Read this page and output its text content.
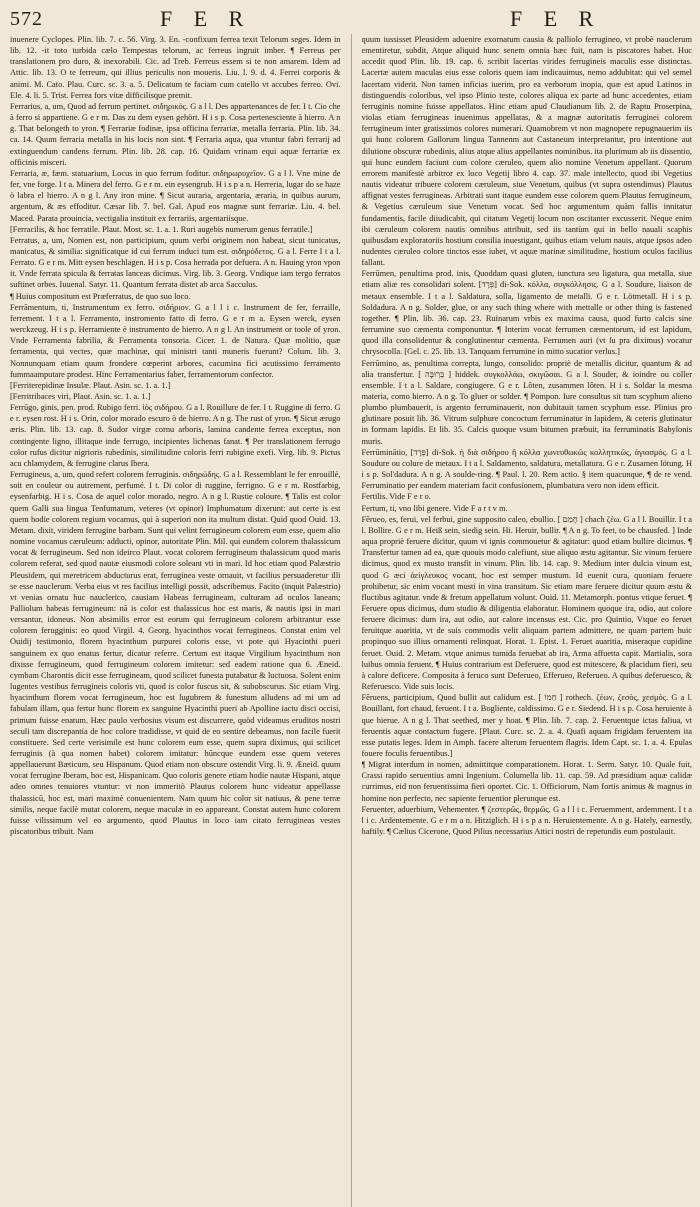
572	F E R	F E R

inuenere Cyclopes. Plin. lib. 7. c. 56. Virg. 3. En. -confixum ferrea texit Telorum seges. Idem in lib. 12. -it toto turbida cælo Tempestas telorum, ac ferreus ingruit imber. ¶ Ferreus per translationem pro duro, & inexorabili. Cic. ad Treb. Ferreus essem si te non amarem. Idem ad Attic. lib. 13. O te ferreum, qui illius periculis non moueris. Liu. l. 9. d. 4. Ferrei corporis & animi. M. Cato. Plau. Curc. sc. 3. a. 5. Delicatum te faciam cum catello vt accubes ferreo. Ovi. Ele. 4. li. 5. Trist. Ferrea fors vitæ difficilisque premit.

Ferrarius, a, um, Quod ad ferrum pertinet. σιδηρικός. G a l l. Des appartenances de fer. I t. Cio che à ferro si appartiene. G e r m. Das zu dem eysen gehört. H i s p. Cosa pertenesciente à hierro. A n g. That belongeth to yron. ¶ Ferrariæ fodinæ, ipsa officina ferrariæ, metalla ferraria. Plin. lib. 34. ca. 14. Quum ferraria metalla in his locis non sint. ¶ Ferraria aqua, qua vtuntur fabri ferrarij ad extinguendum candens ferrum. Plin. lib. 28. cap. 16. Quidam vrinam equi aquæ ferrariæ ex officinis misceri.

Ferraria, æ, fæm. statuarium, Locus in quo ferrum foditur. σιδηρωρυχεῖον. G a l l. Vne mine de fer, vne forge. I t a. Minera del ferro. G e r m. ein eysengrub. H i s p a n. Herreria, lugar do se haze ò labra el hierro. A n g l. Any iron mine. ¶ Sicut auraria, argentaria, æraria, in quibus aurum, argentum, & æs effoditur. Cæsar lib. 7. bel. Gal. Apud eos magnæ sunt ferrariæ. Liu. 4. bel. Maced. Parata prouincia, vectigalia instituit ex ferrariis, argentariisque.

[Ferracilis, & hoc ferratile. Plaut. Most. sc. 1. a. 1. Ruri augebis numerum genus ferratile.]

Ferratus, a, um, Nomen est, non participium, quum verbi originem non habeat, sicut tunicatus, manicatus, & similia: significatque id cui ferrum induci tum est. σιδηρόδετος. G a l. Ferre I t a l. Ferrato. G e r m. Mitt eysen beschlagen. H i s p. Cosa herrada por defuera. A n. Hauing yron vpon it. Vnde ferrata spicula & ferratas lanceas dicimus. Virg. lib. 3. Georg. Vndique iam tergo ferratos suftinet orbes. Iuuenal. Satyr. 11. Quantum ferrata distet ab arca Sacculus.

¶ Huius compositum est Præferratus, de quo suo loco.

Ferrāmentum, ti, Instrumentum ex ferro. σιδήριον. G a l l i c. Instrument de fer, ferraille, ferrement. I t a l. Ferramento, instromento fatto di ferro. G e r m a. Eysen werck, eysen werckzeug. H i s p. Herramiente è instrumento de hierro. A n g l. An instrument or toole of yron. Vnde Ferramenta fabrilia, & Ferramenta tonsoria. Cicer. 1. de Natura. Quæ molitio, quæ ferramenta, qui vectes, quæ machinæ, qui ministri tanti muneris fuerunt? Colum. lib. 3. Nonnunquam etiam quum frondere cœperint arbores, cacumina fici acutissimo ferramento fummaamputare prodest. Hinc Ferramentarius faber, ferramentorum confector.

[Ferriterepidinæ Insulæ. Plaut. Asin. sc. 1. a. 1.]

[Ferritribaces viri, Plaut. Asin. sc. 1. a. 1.]

Ferrūgo, ginis, pen. prod. Rubigo ferri. ἰὸς σιδήρου. G a l. Rouillure de fer. I t. Ruggine di ferro. G e r. eysen rost. H i s. Orin, color morado escuro ò de hierro. A n g. The rust of yron. ¶ Sicut ærugo æris. Plin. lib. 13. cap. 8. Sudor virgæ cornu arboris, lamina candente ferrea exceptus, non contingente ligno, illitaque inde ferrugo, incipientes lichenas fanat. ¶ Per translationem ferrugo color rufus dicitur nigrioris rubedinis, similitudine coloris ferri rubigine exefi. Virg. lib. 9. Pictus acu chlamydem, & ferrugine clarus Ibera.

Ferrugineus, a, um, quod refert colorem ferruginis. σιδηρώδης. G a l. Ressemblant le fer enrouillé, soit en couleur ou autrement, perfumé. I t. Di color di ruggine, ferrigno. G e r m. Rostfarbig, eysenfarbig. H i s. Cosa de aquel color morado, negro. A n g l. Rustie coloure. ¶ Talis est color quem Galli sua lingua Tenfumatum, veteres (vt opinor) Imphumatum dixerunt: aut certe is est quem hodie colorem regium vocamus, qui à superiori non ita multum distat. Quid quod Ouid. 13. Metam. dixit, viridem ferrugine barbam. Sunt qui velint ferrugineum colorem eum esse, quem alio nomine vocamus cæruleum: adducti, opinor, autoritate Plin. Mil. qui eundem colorem thalassicum vocat & ferrugineum. Sed non ideirco Plaut. vocat colorem ferrugineum thalassicum quod maris colorem referat, sed quod nautæ eiusmodi colore soleant vti in mari. Id hoc etiam quod Palæstrio Pleusidem, qui meretricem abducturus erat, ferruginea veste ornauit, vt facilius persuaderetur illi se esse nauclerum. Verba eius vt res facilius intelligi possit, adscribemus. Facito (inquit Palæstrio) vt venias ornatu huc nauclerico, causiam Habeas ferrugineam, culturam ad oculos laneam; Palliolum habeas ferrugineum: nā is color est thalassicus hoc est maris, & nautis ipsi in mari versantur, idoneus. Non absimilis error est eorum qui ferrugineum colorem arbitrantur esse colorem ferugginis: eo quod Virgil. 4. Georg. hyacinthos vocat ferrugineos. Constat enim vel Ouidij testimonio, florem hyacinthum purpurei coloris esse, vt pote qui Hyacinthi pueri sanguinem ex quo enatus fertur, dicatur referre. Certum est itaque Virgilium hyacinthum non dixisse ferrugineum, quod ferrugineum colorem imitetur: sed eadem ratione qua 6. Æneid. cymbam Charontis dicit esse ferrugineam, quod scilicet funesta putabatur & luctuosa. Solent enim lugentes vestibus ferrugineis colorìs vti, quod is color fuscus sit, & subobscurus. Sic etiam Virg. hyacinthum florem vocat ferrugineum, hoc est lugubrem & funestum alludens ad mi um ad fabulam illam, qua fertur hunc florem ex sanguine Hyacinthi pueri ab Apolline iactu disci occisi, primum fuisse enatum. Hæc paulo verbosius visum est discurrere, quòd videamus eruditos nostri seculi tam discrepantia de hoc colore tradidisse, vt quid de eo sentire debeamus, non facile fuerit constituere. Sed certe verisimile est hunc colorem eum esse, quem supra diximus, qui scilicet ferruginis (à qua nomen habet) colorem imitatur: hūncque eundem esse quem veteres appellauerunt Bæticum, seu Hispanum. Quod etiam non obscure ostendit Virg. li. 9. Æneid. quum vocat ferrugine Iberam, hoc est, Hispanicam. Quo coloris genere etiam hodie nautæ Hispani, atque adeo omnes tenuiores vtuntur: vt non immeritò Plautus colorem hunc videatur appellasse thalassicū, hoc est, mari maximè conuenientem. Nam quum hic color sit natiuus, & pene terræ similis, neque facilè mutat colorem, neque maculæ in eo appareant. Constat autem hunc colorem fuisse vilissimum vel eo argumento, quod Plautus in loco iam citato ferrugineas vestes piscatoribus tribuit. Nam

quum iussisset Pleusidem aduenire exornatum causia & palliolo ferrugineo, vt probè nauclerum ementiretur, subdit, Atque aliquid hunc senem omnia hæc fuit, nam is piscatores habet. Huc accedit quod Plin. lib. 19. cap. 6. scribit lacertas virides ferrugineis maculis esse distinctas. Lacertæ autem maculas eius esse coloris quem iam indicauimus, nemo addubitat: qui vel semel lacertam viderit. Non tamen inficias iuerim, pro ea verborum inopia, quæ est apud Latinos in distinguendis coloribus, vel ipso Plinio teste, colores aliqua ex parte ad hunc accedentes, etiam ferruginis nomine fuisse appellatos. Hinc etiam apud Claudianum lib. 2. de Raptu Proserpina, violas etiam ferrugineas inuenimus appellatas, & a magnæ autoritatis ferruginei colorem ferrugineum inter gratissimos colores numerari. Quamobrem vt non magnopere repugnauerim iis qui hunc colorem Gallorum lingua Tannenm aut Castaneum interpretantur, pro intentione aut dilutione obscuræ rubedinis, alius atque alius appellantes nominibus. ita plurimum ab iis dissentio, qui hunc eundem faciunt cum colore cæruleo, quem alio nomine Venetum appellant. Quorum errorem manifestè arbitror ex loco Vegetij libro 4. cap. 37. male intellecto, quod ibi Vegetius nautis videatur tribuere colorem cæruleum, siue Venetum, quibus (vt supra ostendimus) Plautus affignat vestes ferrugineas. Arbitrati sunt itaque eundem esse colorem quem Plautus ferrugineum, & Vegetius cæruleum siue Venetum vocat. Sed hoc argumentum quàm fallis innitatur fundamentis, facile diiudicabit, qui citatum Vegetij locum non oscitanter excusserit. Neque enim ibi cæruleum colorem nautis omnibus attribuit, sed iis tantùm qui in bello nauali scaphis quibusdam exploratoriis hostium consilia inuestigant, quibus etiam velum nauis, atque ipsos adeo nudentes cæruleo colore tinctos esse iubet, vt aquæ marinæ similitudine, hostium oculos facilius fallant.

Ferrūmen, penultima prod. inis, Quoddam quasi gluten, iunctura seu ligatura, qua metalla, siue etiam aliæ res consolidari solent. [פְּרָד] di-Sok. κόλλα, συγκόλλησις. G a l. Soudure, liaison de metaux ensemble. I t a l. Saldatura, solla, ligamento de metalli. G e r. Lötmetall. H i s p. Soldadura. A n g. Solder, glue, or any such thing where with mettalle or other thing is fastened together. ¶ Plin. lib. 36. cap. 23. Ruinarum vrbis ex maxima causa, quod furto calcis sine ferrumine suo cæmenta componuntur. ¶ Interim vocat ferrumen cæmentorum, id est lapidum, quod illa consolidentur & conglutinentur cæmenta. Ferrumen auri (vt ſu pra diximus) vocatur chrysocolla. [Gel. c. 25. lib. 13. Tanquam ferrumine in mitto sucatior verlus.]

Ferrūmino, as, penultima correpta, lungo, consolido: propriè de metallis dicitur, quantum & ad alia transfertur. [ בְּרְוּבָּה ] hiddek. συγκολλάω, σκιγῶσαι. G a l. Souder, & ioindre ou coller ensemble. I t a l. Saldare, congiugere. G e r. Lôten, zusammen lôten. H i s. Soldar la mesma materia, como hierro. A n g. To gluer or solder. ¶ Pompon. Iure consultus sit tum scyphum alieno plumbo plumbauerit, is argento ferruminauerit, non dubitauit tamen scyphum esse. Plinius pro glutinare posuit lib. 36. Vitrum sulphure concoctum ferruminatur in lapidem, & ceteris glutinatur in formam lapidis. Et lib. 35. Calcis quoque vsum bitumen præbuit, ita ferruminatis Babylonis muris.

Ferrūminātio, [פְּרָד] di-Sok. ἡ διὰ σιδήρου ἢ κόλλα χωνευθωκῶς κολλητικῶς, ἁγιασμός. G a l. Soudure ou colure de metaux. I t a l. Saldamento, saldatura, metallatura. G e r. Zusamen lötung. H i s p. Sol'dadura. A n g. A soulde-ring. ¶ Paul. l. 20. Rem actio. § item quacunque, ¶ de re vend. Ferruminatio per eandem materiam facit confusionem, plumbatura vero non idem efficit.

Fertilis. Vide F e r o.

Fertum, ti, vno libi genere. Vide F a r t v m.

Fĕrueo, es, ferui, vel ferbui, gine supposito caleo, ebullio. [ חָמַם ] chach ζέω. G a l l. Bouillir. I t a l. Bollire. G e r m. Heiß sein, siedig sein. Hi. Heruir, bullir. ¶ A n g. To feet, to be chausfed. ] Inde aqua propriè feruere dicitur, quum vi ignis commouetur & agitatur: quod etiam bullire dicimus. ¶ Transfertur tamen ad ea, quæ quouis modo calefiunt, siue aliquo æstu agitantur. Sic vinum feruere dicimus, quod ex musto transfit in vinum. Plin. lib. 14. cap. 9. Medium inter dulcia vinum est, quod G æci ἀεὶγλευκος vocant, hoc est semper mustum. Id euenit cura, quoniam feruere prohibetur, sic enim vocant musti in vina transitum. Sic etiam mare feruere dicitur quum æstu & fluctibus agitatur. vnde & fretum appellatum volunt. Ouid. 11. Metamorph. pontus vtique feruet. ¶ Feruere opus dicimus, dum studio & diligentia elaboratur. Hominem quoque ira, odio, aut colore feruere dicimus: dum ira, aut odio, aut calore incensus est. Cic. pro Quintio, Vtque eo feruet feruitque auaritia, vt de suis commodis velit aliquam partem admittere, ne quam partem huic propinquo suo illius ornamenti relinquat. Horat. 1. Epist. 1. Feruet auaritia, miseraque cupidine feruet. Ouid. 2. Metam. vtque animus tumida feruebat ab ira, Arma affuetta capit. Martialis, sora luibus omnia feruent. ¶ Huius contrarium est Deferuere, quod est mitescere, & placidum fieri, seu à calore deficere. Composita à feruco sunt Deferueo, Efferueo, Referueo. A quibus deferuesco, & Referuesco. Vide suis locis.

Fĕruens, participium, Quod bullit aut calidum est. [ חַמוֹ ] rothech. ζέων, ζεσὸς, χεσμός. G a l. Bouillant, fort chaud, feruent. I t a. Bogliente, caldissimo. G e r. Siedend. H i s p. Cosa heruiente à que hierue. A n g l. That seethed, mer y hoat. ¶ Plin. lib. 7. cap. 2. Feruentque ictas faliua, vt feruentis aquæ contactum fugere. [Plaut. Curc. sc. 2. a. 4. Quafi aquam frigidam feruentem ita esse putatis leges. Idem in Amph. facere alterum feruentem flagris. Idem Capt. sc. 1. a. 4. Epulas fouere foculis feruentibus.]

¶ Migrat interdum in nomen, admittitque comparationem. Horat. 1. Serm. Satyr. 10. Quale fuit, Crassi rapido seruentius amni Ingenium. Columella lib. 11. cap. 59. Ad præsidium aquæ calidæ currimus, eid non feruentissima fieri oportet. Cic. 1. Officiorum, Nam fortis animus & magnus in homine non perfecto, nec sapiente feruentior plerunque est.

Feruenter, aduerbium, Vehementer. ¶ ζεστερῶς, θερμῶς. G a l l i c. Feruemment, ardemment. I t a l i c. Ardentemente. G e r m a n. Hitziglich. H i s p a n. Heruientemente. A n g. Hately, earnestly, haftily. ¶ Cælius Cicerone, Quod Pilius necessarius Attici nostri de repetundis eum postulauit.
